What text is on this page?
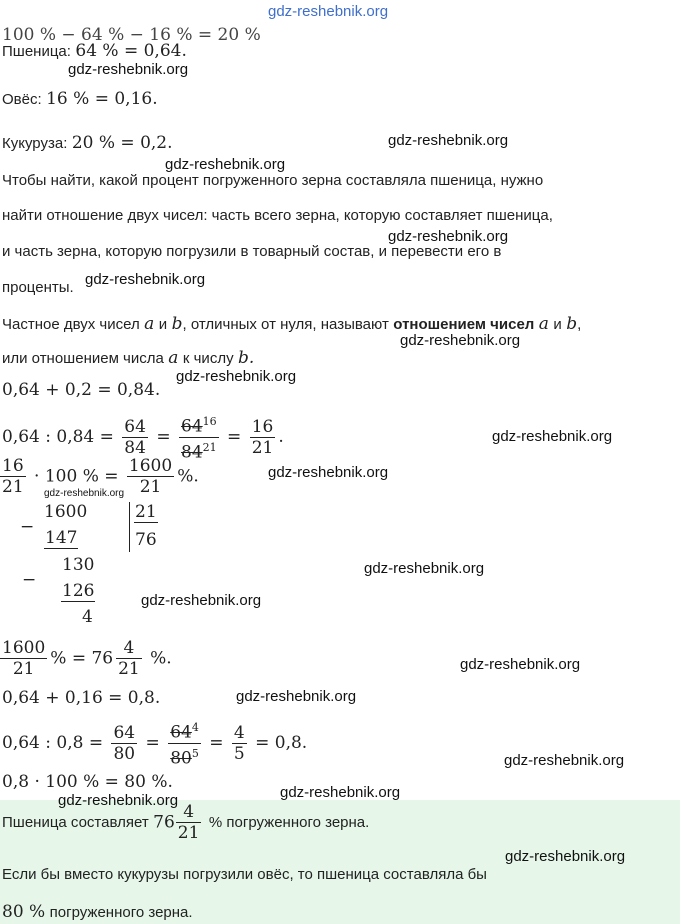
gdz-reshebnik.org
100 % − 64 % − 16 % = 20 %
Пшеница: 64 % = 0,64.
gdz-reshebnik.org
Овёс: 16 % = 0,16.
Кукуруза: 20 % = 0,2.	gdz-reshebnik.org
gdz-reshebnik.org
Чтобы найти, какой процент погруженного зерна составляла пшеница, нужно
найти отношение двух чисел: часть всего зерна, которую составляет пшеница,
gdz-reshebnik.org
и часть зерна, которую погрузили в товарный состав, и перевести его в
gdz-reshebnik.org
проценты.
Частное двух чисел a и b, отличных от нуля, называют отношением чисел a и b,
gdz-reshebnik.org
или отношением числа a к числу b.
gdz-reshebnik.org
0,64 + 0,2 = 0,84.
0,64 : $0,84 = \frac{64}{84} = \frac{64^{16}}{84^{21}} = \frac{16}{21}$ .	gdz-reshebnik.org
$\frac{16}{21} \cdot 100$ % = $\frac{1600}{21}$ %.	gdz-reshebnik.org
gdz-reshebnik.org
−
1600
147
21
76
−
130
126
4
gdz-reshebnik.org
gdz-reshebnik.org
$\frac{1600}{21}$ % = $76 \frac{4}{21}$ %.	gdz-reshebnik.org
0,64 + 0,16 = 0,8.	gdz-reshebnik.org
0,64 : $0,8 = \frac{64}{80} = \frac{64^4}{80^5} = \frac{4}{5} = 0,8$.
gdz-reshebnik.org
0,8 · 100 % = 80 %.
gdz-reshebnik.org	gdz-reshebnik.org
Пшеница составляет $76 \frac{4}{21}$ % погруженного зерна.
gdz-reshebnik.org
Если бы вместо кукурузы погрузили овёс, то пшеница составляла бы
80 % погруженного зерна.
